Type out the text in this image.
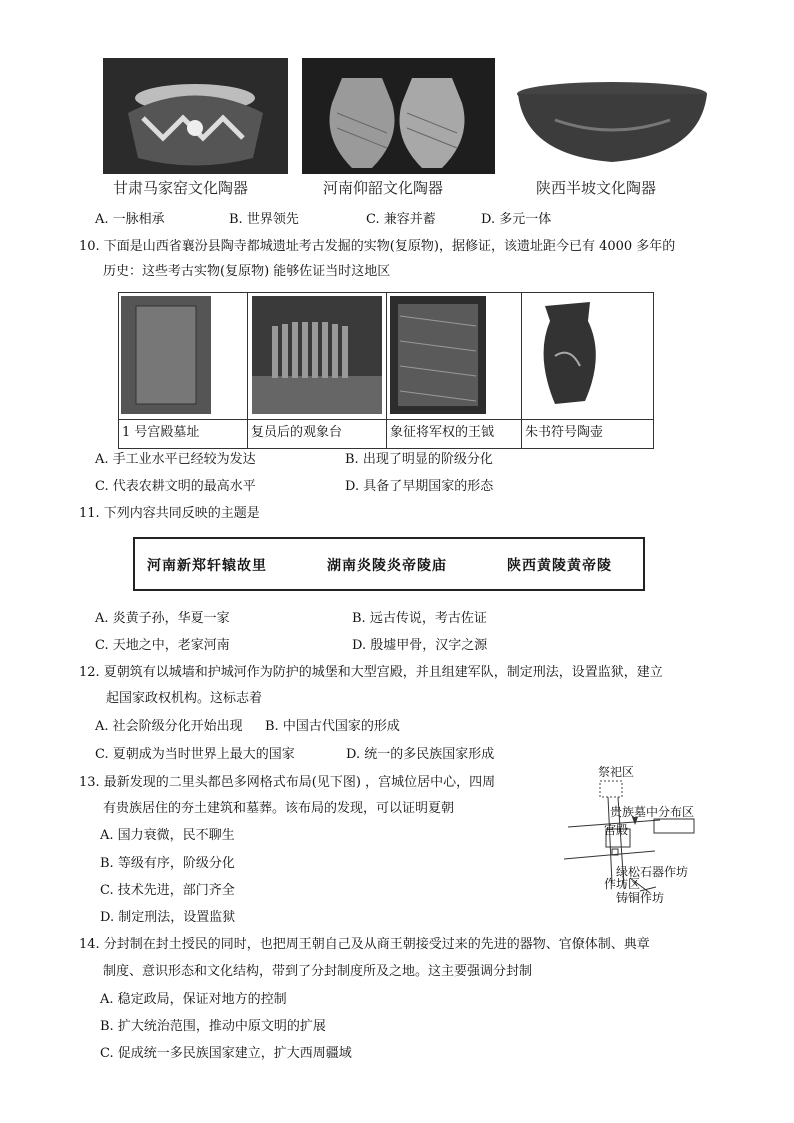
甘肃马家窑文化陶器	河南仰韶文化陶器	陕西半坡文化陶器
A. 一脉相承	B. 世界领先	C. 兼容并蓄	D. 多元一体
10. 下面是山西省襄汾县陶寺都城遗址考古发掘的实物(复原物)，据修证，该遗址距今已有 4000 多年的
历史：这些考古实物(复原物) 能够佐证当时这地区

1 号宫殿墓址	复员后的观象台	象征将军权的王钺	朱书符号陶壶
A. 手工业水平已经较为发达	B. 出现了明显的阶级分化
C. 代表农耕文明的最高水平	D. 具备了早期国家的形态
11. 下列内容共同反映的主题是
河南新郑轩辕故里	湖南炎陵炎帝陵庙	陕西黄陵黄帝陵
A. 炎黄子孙，华夏一家	B. 远古传说，考古佐证
C. 天地之中，老家河南	D. 殷墟甲骨，汉字之源
12. 夏朝筑有以城墙和护城河作为防护的城堡和大型宫殿，并且组建军队，制定刑法，设置监狱，建立
起国家政权机构。这标志着
A. 社会阶级分化开始出现 B. 中国古代国家的形成
C. 夏朝成为当时世界上最大的国家	D. 统一的多民族国家形成
13. 最新发现的二里头都邑多网格式布局(见下图) ，宫城位居中心，四周
有贵族居住的夯土建筑和墓葬。该布局的发现，可以证明夏朝
A. 国力衰微，民不聊生
B. 等级有序，阶级分化
C. 技术先进，部门齐全
D. 制定刑法，设置监狱
祭祀区
贵族墓中分布区
宫殿
绿松石器作坊
作坊区
铸铜作坊
14. 分封制在封土授民的同时，也把周王朝自己及从商王朝接受过来的先进的器物、官僚体制、典章
制度、意识形态和文化结构，带到了分封制度所及之地。这主要强调分封制
A. 稳定政局，保证对地方的控制
B. 扩大统治范围，推动中原文明的扩展
C. 促成统一多民族国家建立，扩大西周疆域
